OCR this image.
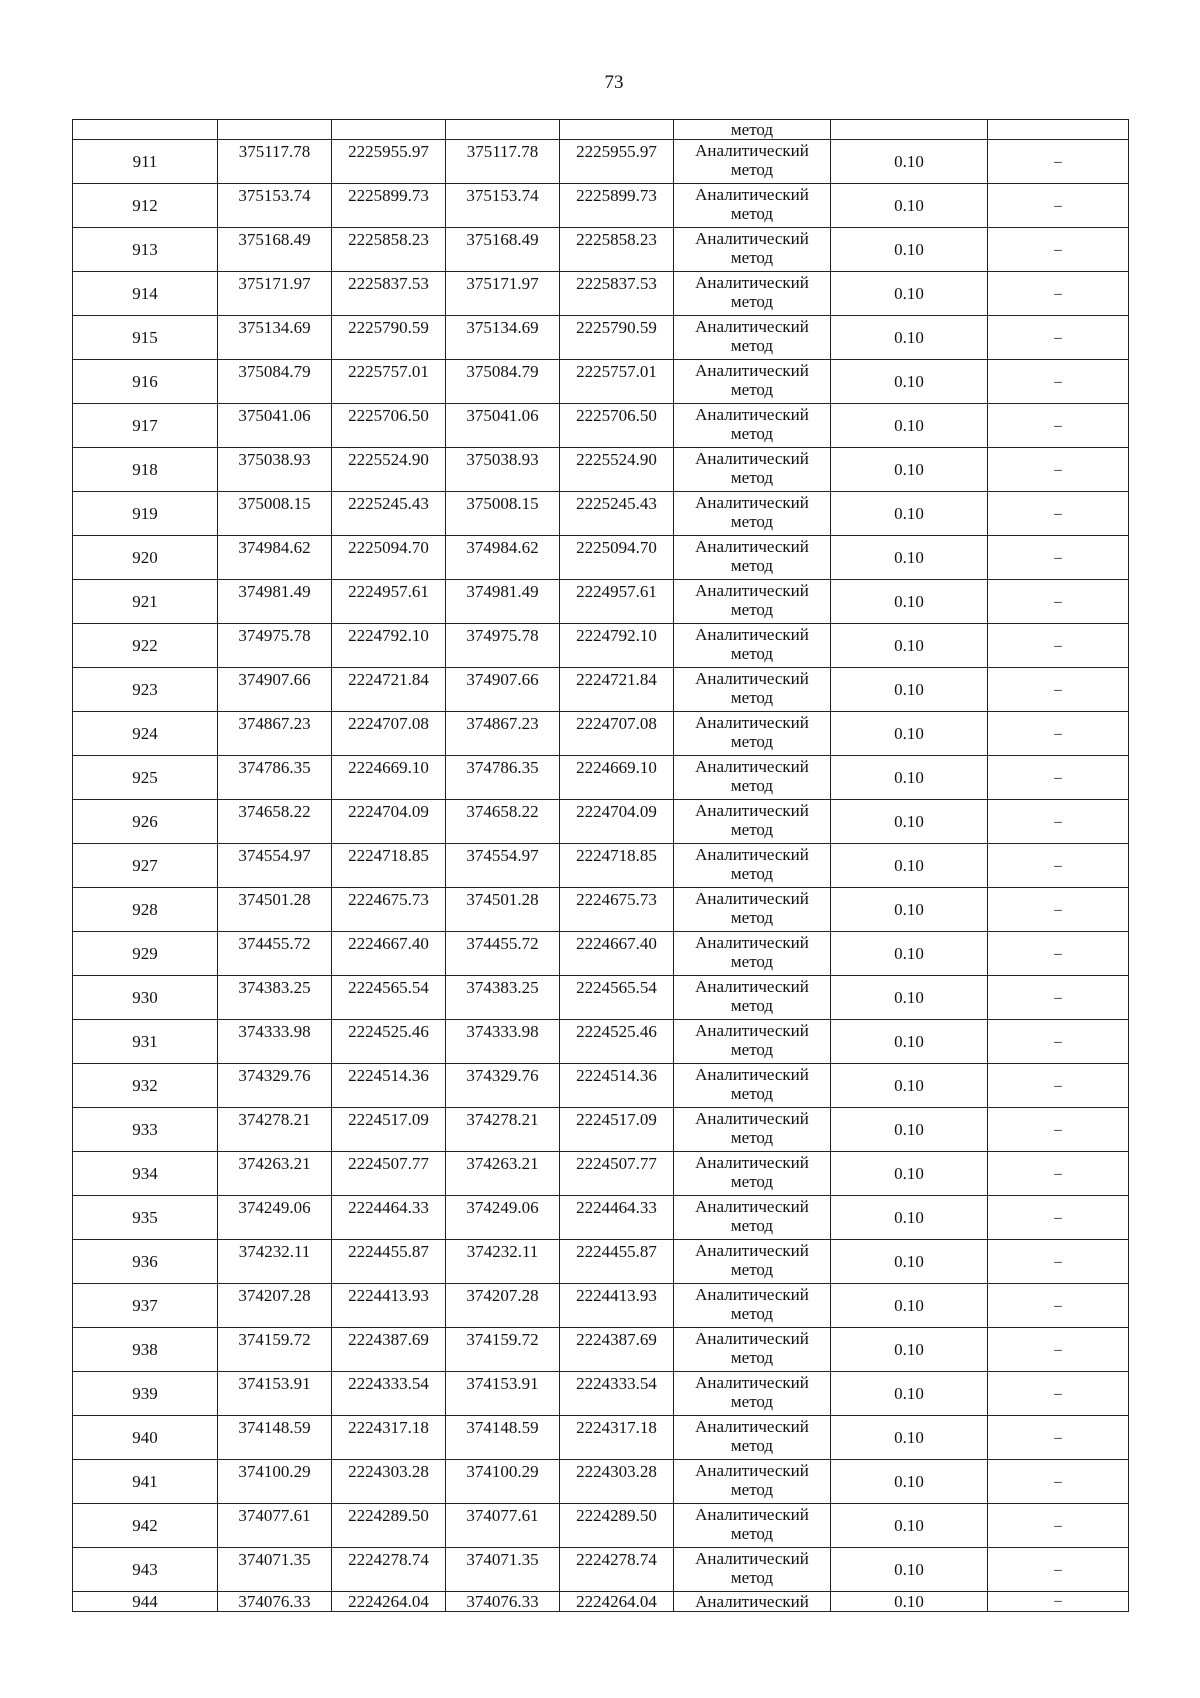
73
					метод		
911	375117.78	2225955.97	375117.78	2225955.97	Аналитический
метод	0.10	–
912	375153.74	2225899.73	375153.74	2225899.73	Аналитический
метод	0.10	–
913	375168.49	2225858.23	375168.49	2225858.23	Аналитический
метод	0.10	–
914	375171.97	2225837.53	375171.97	2225837.53	Аналитический
метод	0.10	–
915	375134.69	2225790.59	375134.69	2225790.59	Аналитический
метод	0.10	–
916	375084.79	2225757.01	375084.79	2225757.01	Аналитический
метод	0.10	–
917	375041.06	2225706.50	375041.06	2225706.50	Аналитический
метод	0.10	–
918	375038.93	2225524.90	375038.93	2225524.90	Аналитический
метод	0.10	–
919	375008.15	2225245.43	375008.15	2225245.43	Аналитический
метод	0.10	–
920	374984.62	2225094.70	374984.62	2225094.70	Аналитический
метод	0.10	–
921	374981.49	2224957.61	374981.49	2224957.61	Аналитический
метод	0.10	–
922	374975.78	2224792.10	374975.78	2224792.10	Аналитический
метод	0.10	–
923	374907.66	2224721.84	374907.66	2224721.84	Аналитический
метод	0.10	–
924	374867.23	2224707.08	374867.23	2224707.08	Аналитический
метод	0.10	–
925	374786.35	2224669.10	374786.35	2224669.10	Аналитический
метод	0.10	–
926	374658.22	2224704.09	374658.22	2224704.09	Аналитический
метод	0.10	–
927	374554.97	2224718.85	374554.97	2224718.85	Аналитический
метод	0.10	–
928	374501.28	2224675.73	374501.28	2224675.73	Аналитический
метод	0.10	–
929	374455.72	2224667.40	374455.72	2224667.40	Аналитический
метод	0.10	–
930	374383.25	2224565.54	374383.25	2224565.54	Аналитический
метод	0.10	–
931	374333.98	2224525.46	374333.98	2224525.46	Аналитический
метод	0.10	–
932	374329.76	2224514.36	374329.76	2224514.36	Аналитический
метод	0.10	–
933	374278.21	2224517.09	374278.21	2224517.09	Аналитический
метод	0.10	–
934	374263.21	2224507.77	374263.21	2224507.77	Аналитический
метод	0.10	–
935	374249.06	2224464.33	374249.06	2224464.33	Аналитический
метод	0.10	–
936	374232.11	2224455.87	374232.11	2224455.87	Аналитический
метод	0.10	–
937	374207.28	2224413.93	374207.28	2224413.93	Аналитический
метод	0.10	–
938	374159.72	2224387.69	374159.72	2224387.69	Аналитический
метод	0.10	–
939	374153.91	2224333.54	374153.91	2224333.54	Аналитический
метод	0.10	–
940	374148.59	2224317.18	374148.59	2224317.18	Аналитический
метод	0.10	–
941	374100.29	2224303.28	374100.29	2224303.28	Аналитический
метод	0.10	–
942	374077.61	2224289.50	374077.61	2224289.50	Аналитический
метод	0.10	–
943	374071.35	2224278.74	374071.35	2224278.74	Аналитический
метод	0.10	–
944	374076.33	2224264.04	374076.33	2224264.04	Аналитический	0.10	–
